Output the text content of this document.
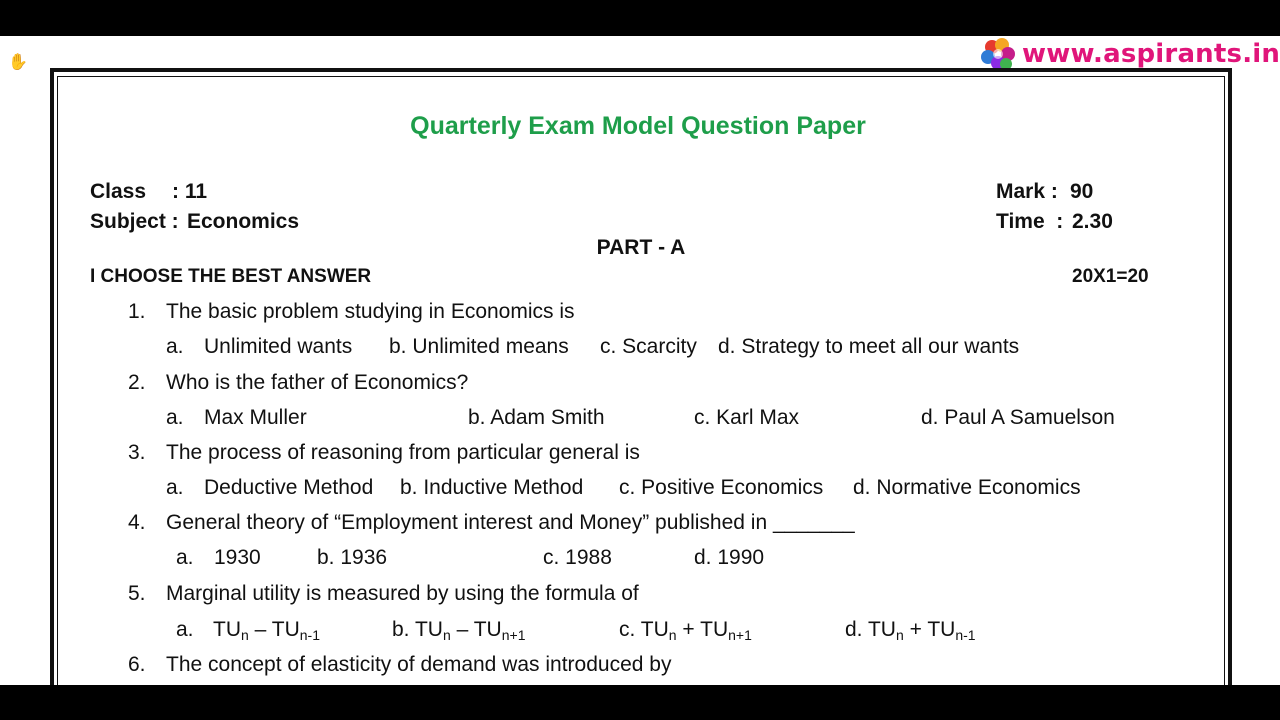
✋	www.aspirants.in
Quarterly Exam Model Question Paper
Class : 11
Subject : Economics
Mark : 90
Time  : 2.30
PART - A
I CHOOSE THE BEST ANSWER	20X1=20
1. The basic problem studying in Economics is
a. Unlimited wants b. Unlimited means c. Scarcity d. Strategy to meet all our wants
2. Who is the father of Economics?
a. Max Muller	b. Adam Smith	c. Karl Max	d. Paul A Samuelson
3. The process of reasoning from particular general is
a. Deductive Method b. Inductive Method c. Positive Economics d. Normative Economics
4. General theory of “Employment interest and Money” published in _______
a. 1930	b. 1936	c. 1988	d. 1990
5. Marginal utility is measured by using the formula of
a. $TU_n - TU_{n-1}$	b. $TU_n - TU_{n+1}$	c. $TU_n + TU_{n+1}$	d. $TU_n + TU_{n-1}$
6. The concept of elasticity of demand was introduced by
